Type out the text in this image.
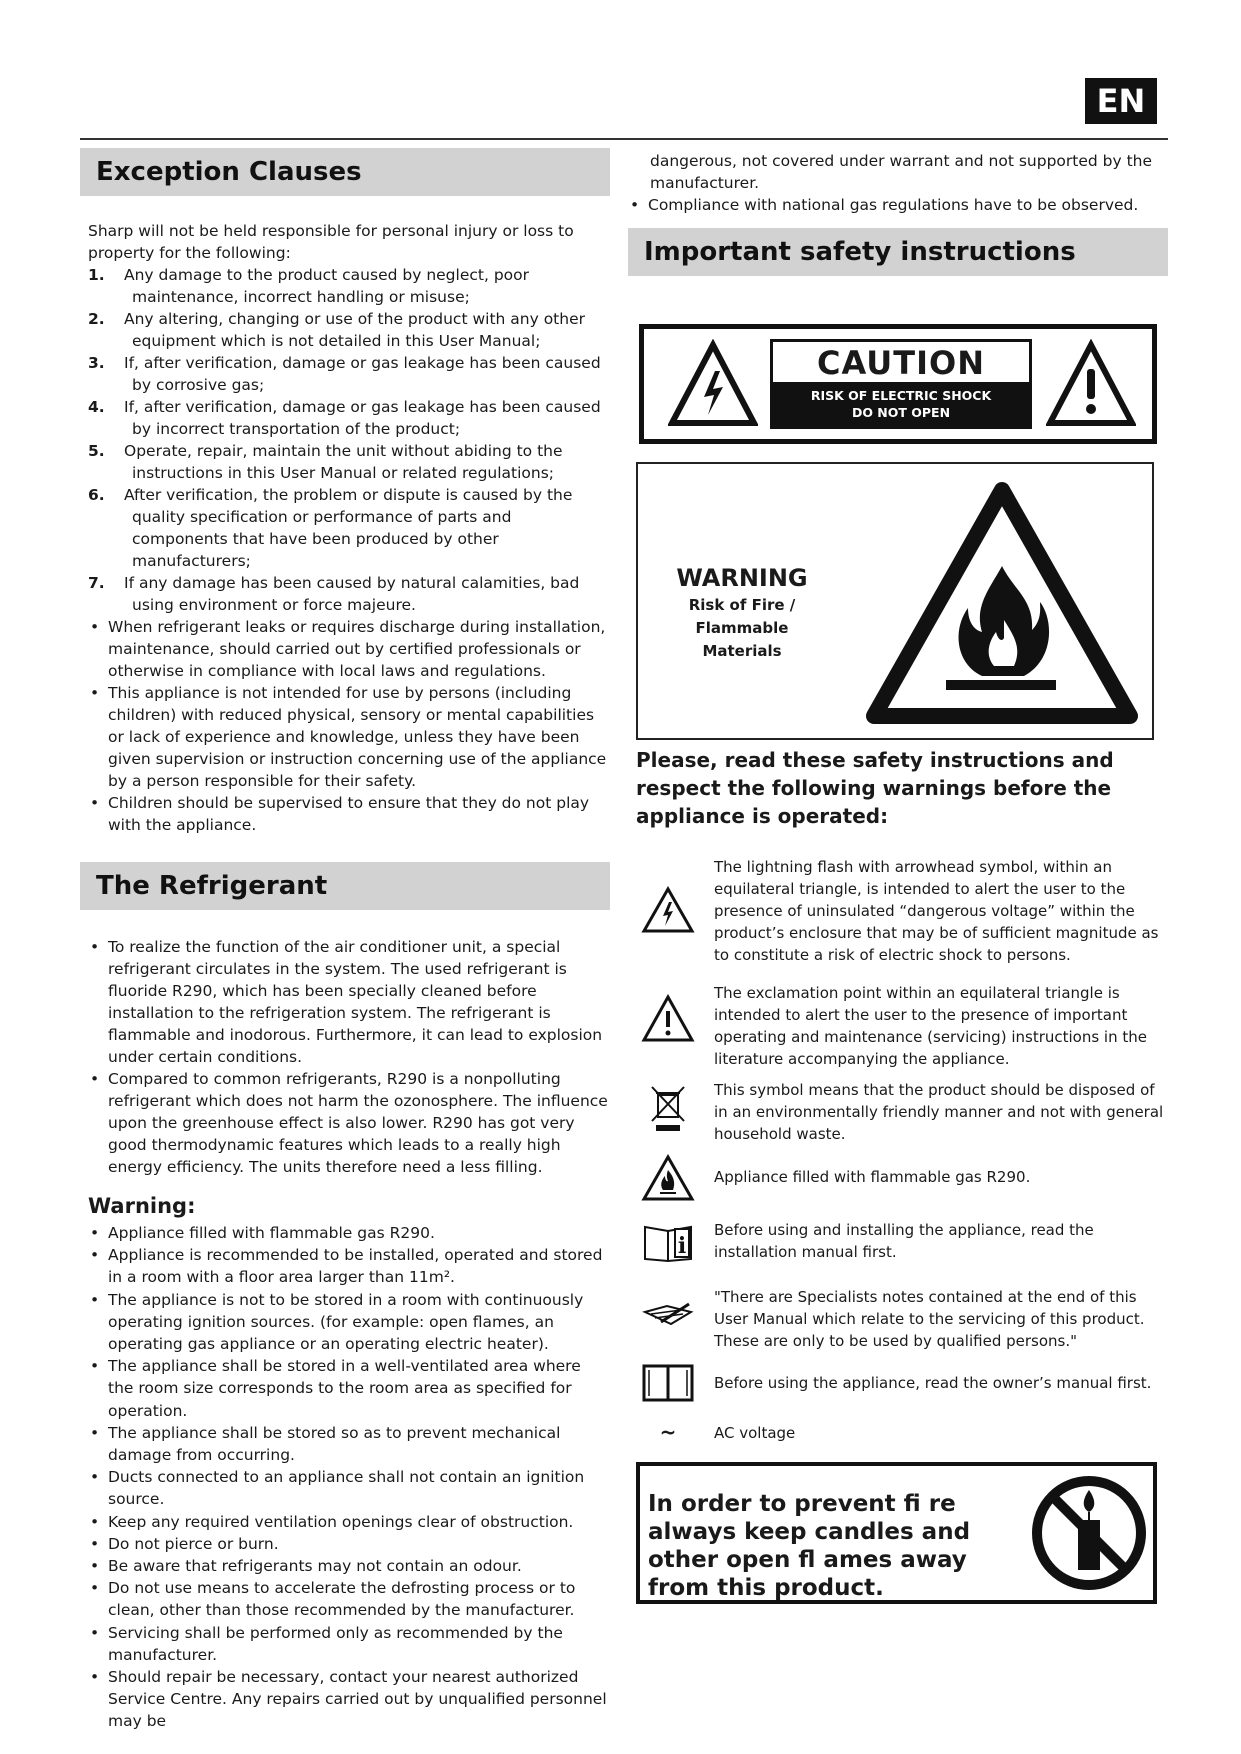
EN
Exception Clauses
Sharp will not be held responsible for personal injury or loss to property for the following:
1. Any damage to the product caused by neglect, poor maintenance, incorrect handling or misuse;
2. Any altering, changing or use of the product with any other equipment which is not detailed in this User Manual;
3. If, after verification, damage or gas leakage has been caused by corrosive gas;
4. If, after verification, damage or gas leakage has been caused by incorrect transportation of the product;
5. Operate, repair, maintain the unit without abiding to the instructions in this User Manual or related regulations;
6. After verification, the problem or dispute is caused by the quality specification or performance of parts and components that have been produced by other manufacturers;
7. If any damage has been caused by natural calamities, bad using environment or force majeure.
• When refrigerant leaks or requires discharge during installation, maintenance, should carried out by certified professionals or otherwise in compliance with local laws and regulations.
• This appliance is not intended for use by persons (including children) with reduced physical, sensory or mental capabilities or lack of experience and knowledge, unless they have been given supervision or instruction concerning use of the appliance by a person responsible for their safety.
• Children should be supervised to ensure that they do not play with the appliance.
The Refrigerant
• To realize the function of the air conditioner unit, a special refrigerant circulates in the system. The used refrigerant is fluoride R290, which has been specially cleaned before installation to the refrigeration system. The refrigerant is flammable and inodorous. Furthermore, it can lead to explosion under certain conditions.
• Compared to common refrigerants, R290 is a nonpolluting refrigerant which does not harm the ozonosphere. The influence upon the greenhouse effect is also lower. R290 has got very good thermodynamic features which leads to a really high energy efficiency. The units therefore need a less filling.
Warning:
• Appliance filled with flammable gas R290.
• Appliance is recommended to be installed, operated and stored in a room with a floor area larger than 11m².
• The appliance is not to be stored in a room with continuously operating ignition sources. (for example: open flames, an operating gas appliance or an operating electric heater).
• The appliance shall be stored in a well-ventilated area where the room size corresponds to the room area as specified for operation.
• The appliance shall be stored so as to prevent mechanical damage from occurring.
• Ducts connected to an appliance shall not contain an ignition source.
• Keep any required ventilation openings clear of obstruction.
• Do not pierce or burn.
• Be aware that refrigerants may not contain an odour.
• Do not use means to accelerate the defrosting process or to clean, other than those recommended by the manufacturer.
• Servicing shall be performed only as recommended by the manufacturer.
• Should repair be necessary, contact your nearest authorized Service Centre. Any repairs carried out by unqualified personnel may be
dangerous, not covered under warrant and not supported by the manufacturer.
• Compliance with national gas regulations have to be observed.
Important safety instructions
CAUTION
RISK OF ELECTRIC SHOCK
DO NOT OPEN
WARNING
Risk of Fire / Flammable
Materials
Please, read these safety instructions and respect the following warnings before the appliance is operated:
The lightning flash with arrowhead symbol, within an equilateral triangle, is intended to alert the user to the presence of uninsulated “dangerous voltage” within the product’s enclosure that may be of sufficient magnitude as to constitute a risk of electric shock to persons.
The exclamation point within an equilateral triangle is intended to alert the user to the presence of important operating and maintenance (servicing) instructions in the literature accompanying the appliance.
This symbol means that the product should be disposed of in an environmentally friendly manner and not with general household waste.
Appliance filled with flammable gas R290.
i
Before using and installing the appliance, read the installation manual first.
"There are Specialists notes contained at the end of this User Manual which relate to the servicing of this product. These are only to be used by qualified persons."
Before using the appliance, read the owner’s manual first.
~	AC voltage
In order to prevent fi re always keep candles and other open fl ames away from this product.
